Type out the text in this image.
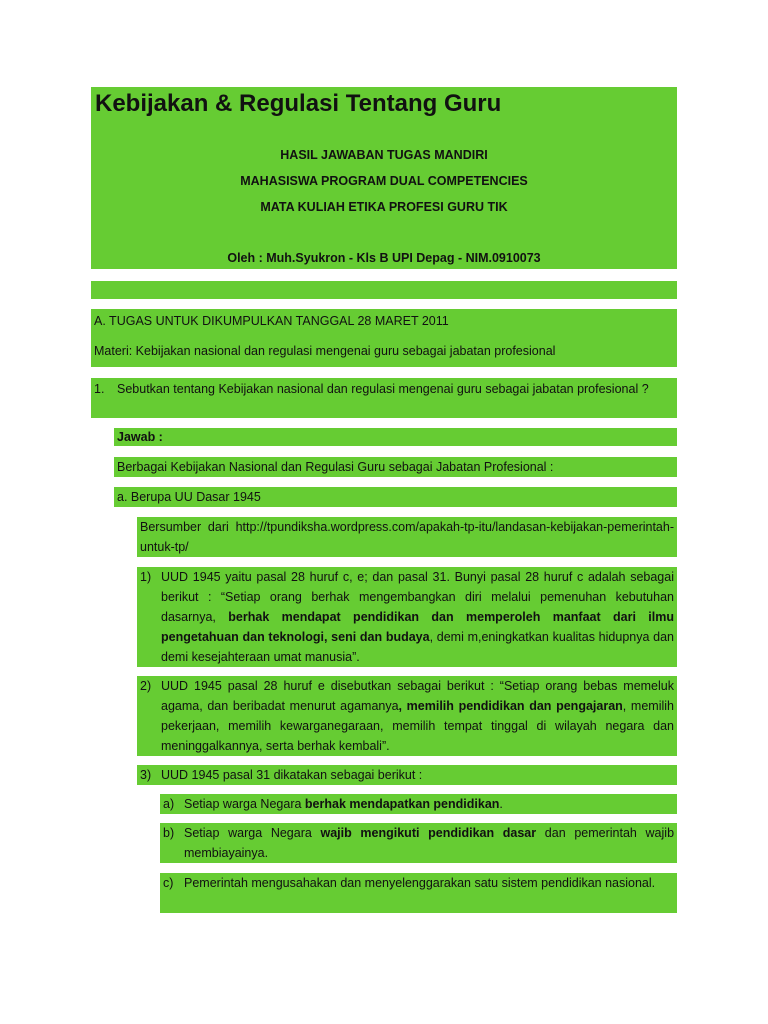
Kebijakan & Regulasi Tentang Guru
HASIL JAWABAN TUGAS MANDIRI
MAHASISWA PROGRAM DUAL COMPETENCIES
MATA KULIAH ETIKA PROFESI GURU TIK
Oleh : Muh.Syukron - Kls B UPI Depag - NIM.0910073
A. TUGAS UNTUK DIKUMPULKAN TANGGAL 28 MARET 2011
Materi: Kebijakan nasional dan regulasi mengenai guru sebagai jabatan profesional
1. Sebutkan tentang Kebijakan nasional dan regulasi mengenai guru sebagai jabatan profesional ?
Jawab :
Berbagai Kebijakan Nasional dan Regulasi Guru sebagai Jabatan Profesional :
a. Berupa UU Dasar 1945
Bersumber dari http://tpundiksha.wordpress.com/apakah-tp-itu/landasan-kebijakan-pemerintah-untuk-tp/
1) UUD 1945 yaitu pasal 28 huruf c, e; dan pasal 31. Bunyi pasal 28 huruf c adalah sebagai berikut : “Setiap orang berhak mengembangkan diri melalui pemenuhan kebutuhan dasarnya, berhak mendapat pendidikan dan memperoleh manfaat dari ilmu pengetahuan dan teknologi, seni dan budaya, demi m,eningkatkan kualitas hidupnya dan demi kesejahteraan umat manusia”.
2) UUD 1945 pasal 28 huruf e disebutkan sebagai berikut : “Setiap orang bebas memeluk agama, dan beribadat menurut agamanya, memilih pendidikan dan pengajaran, memilih pekerjaan, memilih kewarganegaraan, memilih tempat tinggal di wilayah negara dan meninggalkannya, serta berhak kembali”.
3) UUD 1945 pasal 31 dikatakan sebagai berikut :
a) Setiap warga Negara berhak mendapatkan pendidikan.
b) Setiap warga Negara wajib mengikuti pendidikan dasar dan pemerintah wajib membiayainya.
c) Pemerintah mengusahakan dan menyelenggarakan satu sistem pendidikan nasional.
